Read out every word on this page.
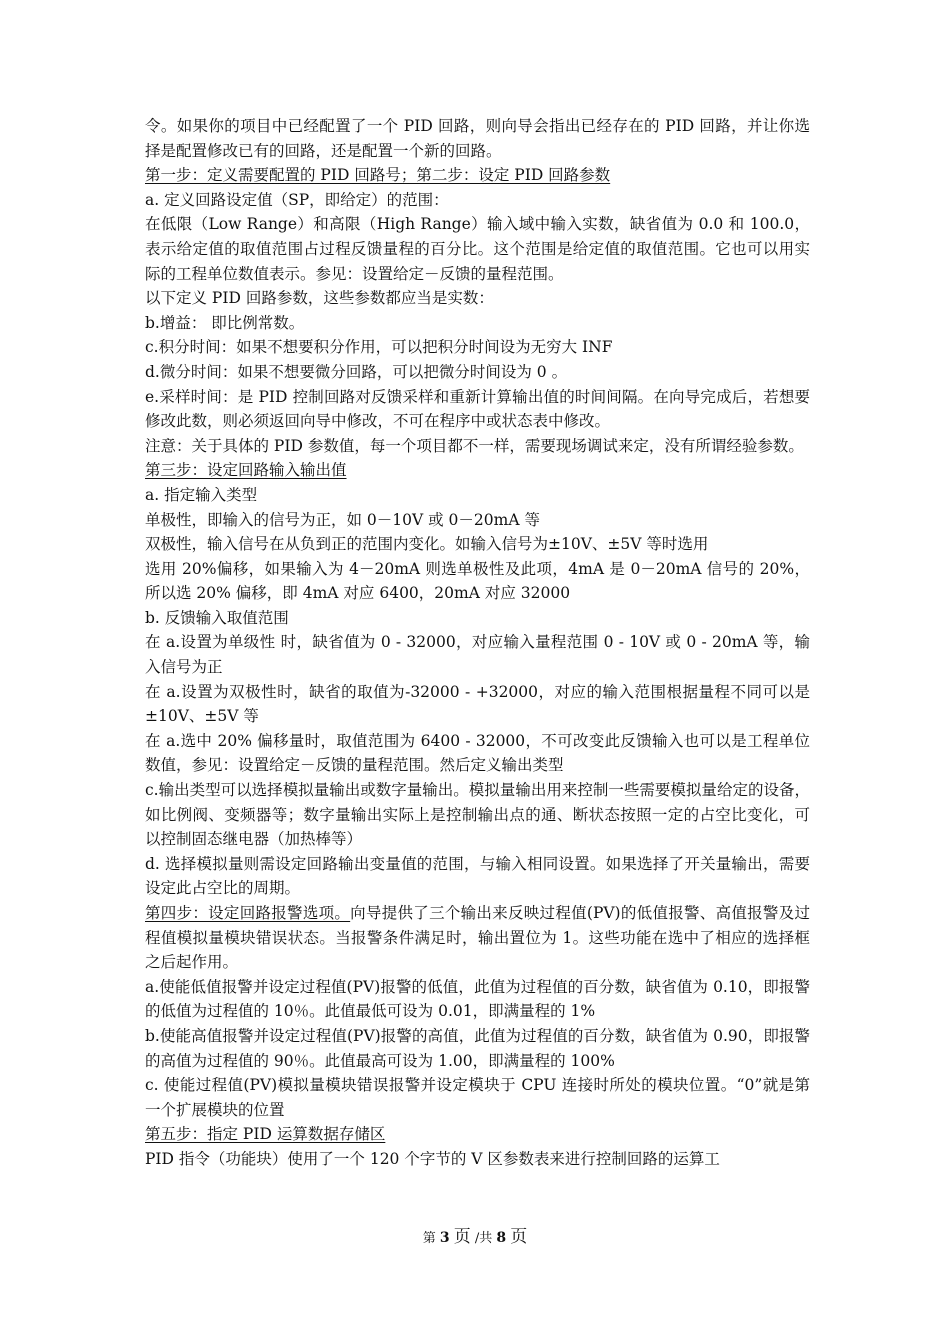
令。如果你的项目中已经配置了一个 PID 回路，则向导会指出已经存在的 PID 回路，并让你选择是配置修改已有的回路，还是配置一个新的回路。

第一步：定义需要配置的 PID 回路号；第二步：设定 PID 回路参数

a. 定义回路设定值（SP，即给定）的范围：

在低限（Low Range）和高限（High Range）输入域中输入实数，缺省值为 0.0 和 100.0，表示给定值的取值范围占过程反馈量程的百分比。这个范围是给定值的取值范围。它也可以用实际的工程单位数值表示。参见：设置给定－反馈的量程范围。

以下定义 PID 回路参数，这些参数都应当是实数：

b.增益： 即比例常数。

c.积分时间：如果不想要积分作用，可以把积分时间设为无穷大 INF

d.微分时间：如果不想要微分回路，可以把微分时间设为 0 。

e.采样时间：是 PID 控制回路对反馈采样和重新计算输出值的时间间隔。在向导完成后，若想要修改此数，则必须返回向导中修改，不可在程序中或状态表中修改。

注意：关于具体的 PID 参数值，每一个项目都不一样，需要现场调试来定，没有所谓经验参数。

第三步：设定回路输入输出值

a. 指定输入类型

单极性，即输入的信号为正，如 0－10V 或 0－20mA 等

双极性，输入信号在从负到正的范围内变化。如输入信号为±10V、±5V 等时选用

选用 20%偏移，如果输入为 4－20mA 则选单极性及此项，4mA 是 0－20mA 信号的 20%，所以选 20% 偏移，即 4mA 对应 6400，20mA 对应 32000

b. 反馈输入取值范围

在 a.设置为单级性 时，缺省值为 0 - 32000，对应输入量程范围 0 - 10V 或 0 - 20mA 等，输入信号为正

在 a.设置为双极性时，缺省的取值为-32000 - +32000，对应的输入范围根据量程不同可以是±10V、±5V 等

在 a.选中 20% 偏移量时，取值范围为 6400 - 32000，不可改变此反馈输入也可以是工程单位数值，参见：设置给定－反馈的量程范围。然后定义输出类型

c.输出类型可以选择模拟量输出或数字量输出。模拟量输出用来控制一些需要模拟量给定的设备，如比例阀、变频器等；数字量输出实际上是控制输出点的通、断状态按照一定的占空比变化，可以控制固态继电器（加热棒等）

d. 选择模拟量则需设定回路输出变量值的范围，与输入相同设置。如果选择了开关量输出，需要设定此占空比的周期。

第四步：设定回路报警选项。向导提供了三个输出来反映过程值(PV)的低值报警、高值报警及过程值模拟量模块错误状态。当报警条件满足时，输出置位为 1。这些功能在选中了相应的选择框之后起作用。

a.使能低值报警并设定过程值(PV)报警的低值，此值为过程值的百分数，缺省值为 0.10，即报警的低值为过程值的 10％。此值最低可设为 0.01，即满量程的 1%

b.使能高值报警并设定过程值(PV)报警的高值，此值为过程值的百分数，缺省值为 0.90，即报警的高值为过程值的 90％。此值最高可设为 1.00，即满量程的 100%

c. 使能过程值(PV)模拟量模块错误报警并设定模块于 CPU 连接时所处的模块位置。“0”就是第一个扩展模块的位置

第五步：指定 PID 运算数据存储区

PID 指令（功能块）使用了一个 120 个字节的 V 区参数表来进行控制回路的运算工

第 3 页 /共 8 页
